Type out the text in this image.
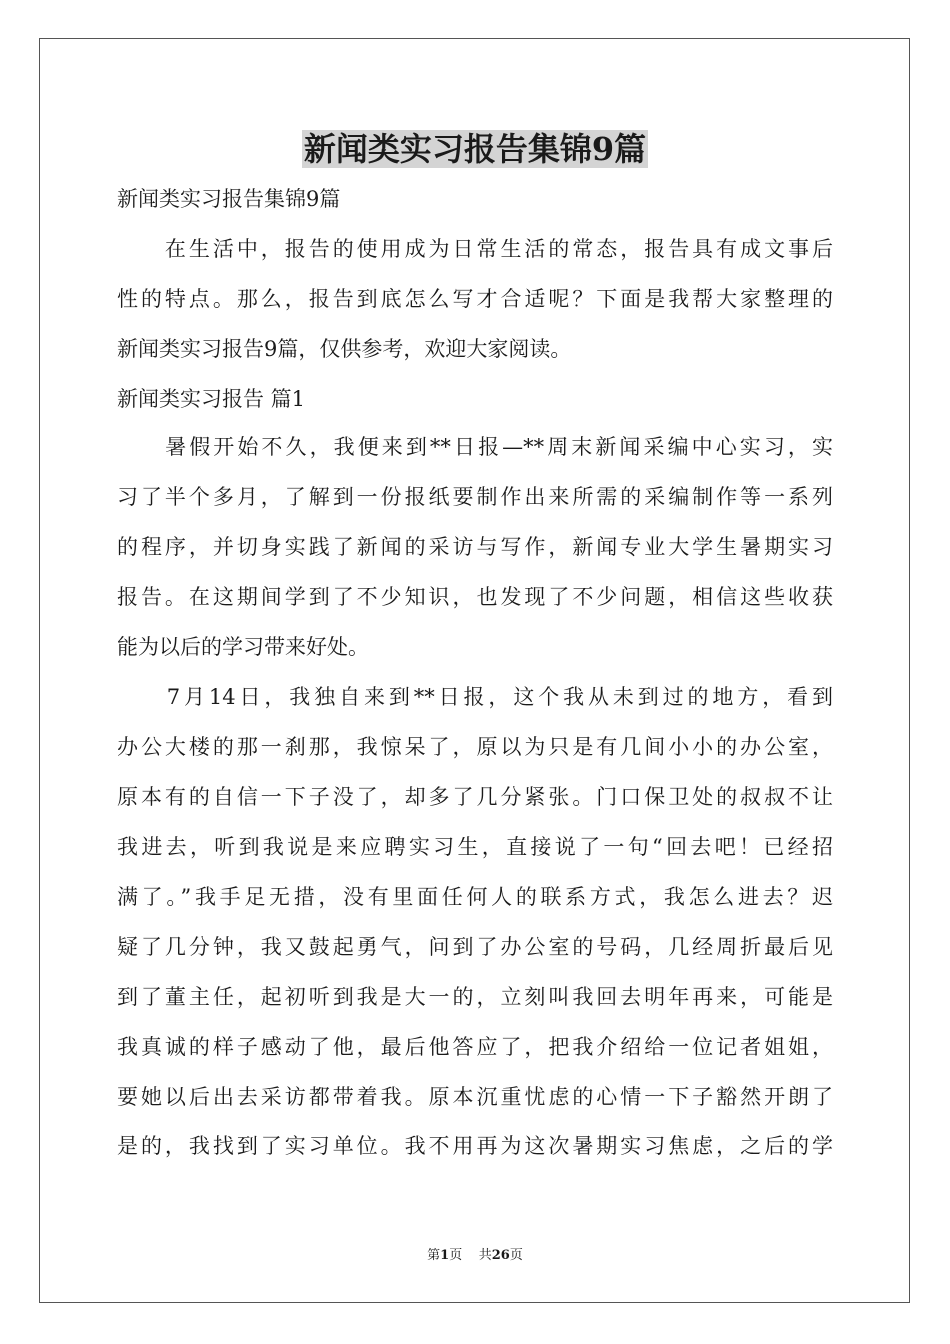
新闻类实习报告集锦9篇
新闻类实习报告集锦9篇
　　在生活中，报告的使用成为日常生活的常态，报告具有成文事后
性的特点。那么，报告到底怎么写才合适呢？下面是我帮大家整理的
新闻类实习报告9篇，仅供参考，欢迎大家阅读。
新闻类实习报告 篇1
　　暑假开始不久，我便来到**日报—**周末新闻采编中心实习，实
习了半个多月，了解到一份报纸要制作出来所需的采编制作等一系列
的程序，并切身实践了新闻的采访与写作，新闻专业大学生暑期实习
报告。在这期间学到了不少知识，也发现了不少问题，相信这些收获
能为以后的学习带来好处。
　　7月14日，我独自来到**日报，这个我从未到过的地方，看到
办公大楼的那一刹那，我惊呆了，原以为只是有几间小小的办公室，
原本有的自信一下子没了，却多了几分紧张。门口保卫处的叔叔不让
我进去，听到我说是来应聘实习生，直接说了一句“回去吧！已经招
满了。”我手足无措，没有里面任何人的联系方式，我怎么进去？迟
疑了几分钟，我又鼓起勇气，问到了办公室的号码，几经周折最后见
到了董主任，起初听到我是大一的，立刻叫我回去明年再来，可能是
我真诚的样子感动了他，最后他答应了，把我介绍给一位记者姐姐，
要她以后出去采访都带着我。原本沉重忧虑的心情一下子豁然开朗了
是的，我找到了实习单位。我不用再为这次暑期实习焦虑，之后的学
第1页 共26页
